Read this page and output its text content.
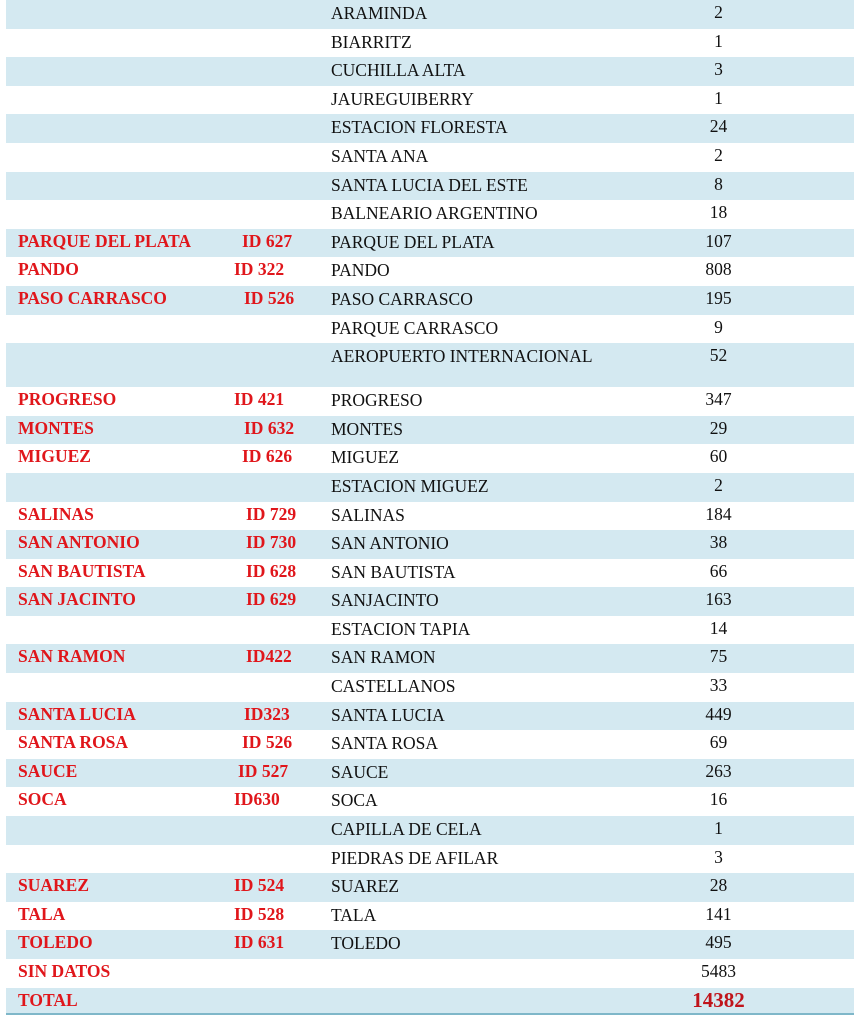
		ARAMINDA	2
		BIARRITZ	1
		CUCHILLA ALTA	3
		JAUREGUIBERRY	1
		ESTACION FLORESTA	24
		SANTA ANA	2
		SANTA LUCIA DEL ESTE	8
		BALNEARIO ARGENTINO	18
PARQUE DEL PLATA	ID 627	PARQUE DEL PLATA	107
PANDO	ID 322	PANDO	808
PASO CARRASCO	ID 526	PASO CARRASCO	195
		PARQUE CARRASCO	9
		AEROPUERTO INTERNACIONAL	52
PROGRESO	ID 421	PROGRESO	347
MONTES	ID 632	MONTES	29
MIGUEZ	ID 626	MIGUEZ	60
		ESTACION MIGUEZ	2
SALINAS	ID 729	SALINAS	184
SAN ANTONIO	ID 730	SAN ANTONIO	38
SAN BAUTISTA	ID 628	SAN BAUTISTA	66
SAN JACINTO	ID 629	SANJACINTO	163
		ESTACION TAPIA	14
SAN RAMON	ID422	SAN RAMON	75
		CASTELLANOS	33
SANTA LUCIA	ID323	SANTA LUCIA	449
SANTA ROSA	ID 526	SANTA ROSA	69
SAUCE	ID 527	SAUCE	263
SOCA	ID630	SOCA	16
		CAPILLA DE CELA	1
		PIEDRAS DE AFILAR	3
SUAREZ	ID 524	SUAREZ	28
TALA	ID 528	TALA	141
TOLEDO	ID 631	TOLEDO	495
SIN DATOS			5483
TOTAL			14382
